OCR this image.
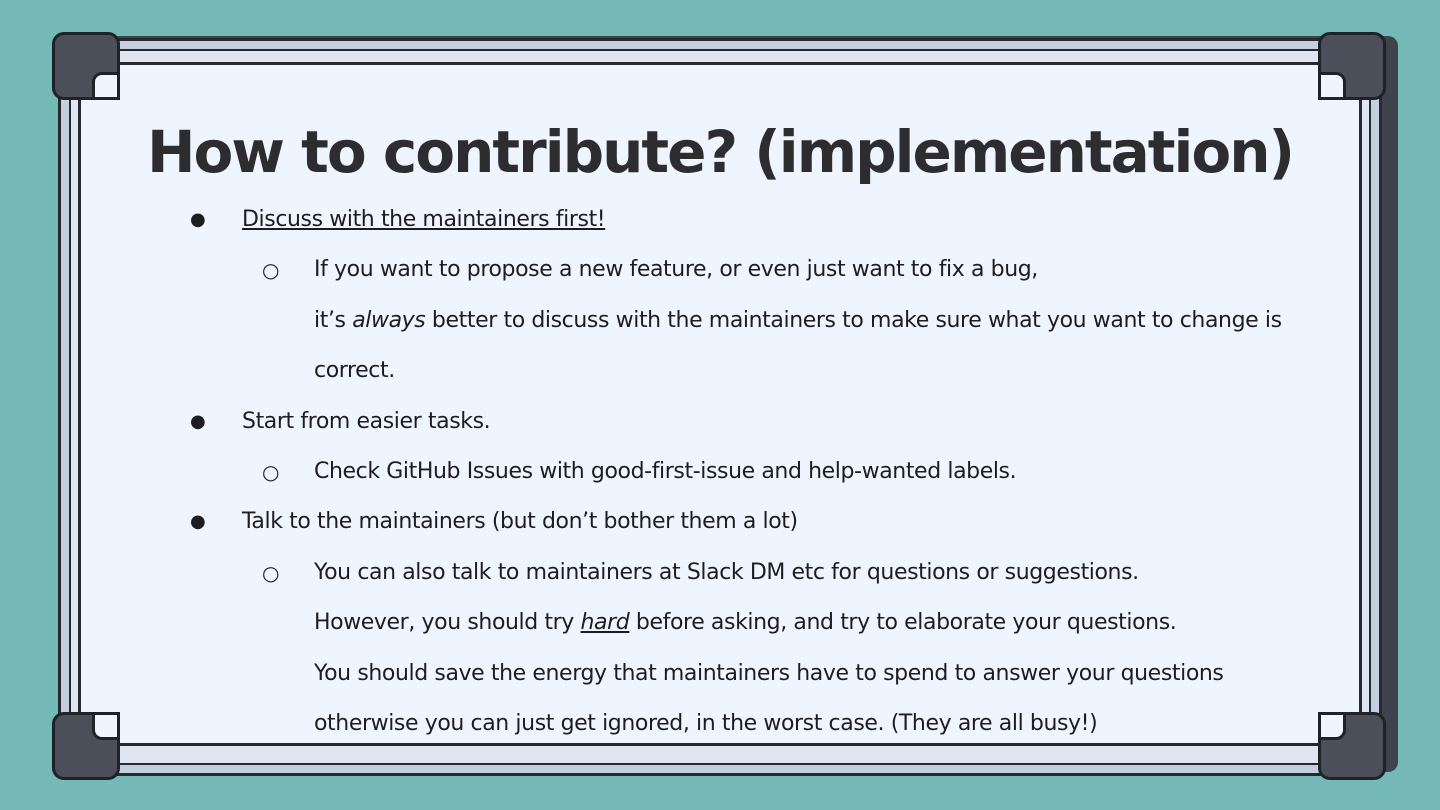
How to contribute? (implementation)
● Discuss with the maintainers first!
○ If you want to propose a new feature, or even just want to fix a bug,
it’s always better to discuss with the maintainers to make sure what you want to change is
correct.
● Start from easier tasks.
○ Check GitHub Issues with good-first-issue and help-wanted labels.
● Talk to the maintainers (but don’t bother them a lot)
○ You can also talk to maintainers at Slack DM etc for questions or suggestions.
However, you should try hard before asking, and try to elaborate your questions.
You should save the energy that maintainers have to spend to answer your questions
otherwise you can just get ignored, in the worst case. (They are all busy!)
